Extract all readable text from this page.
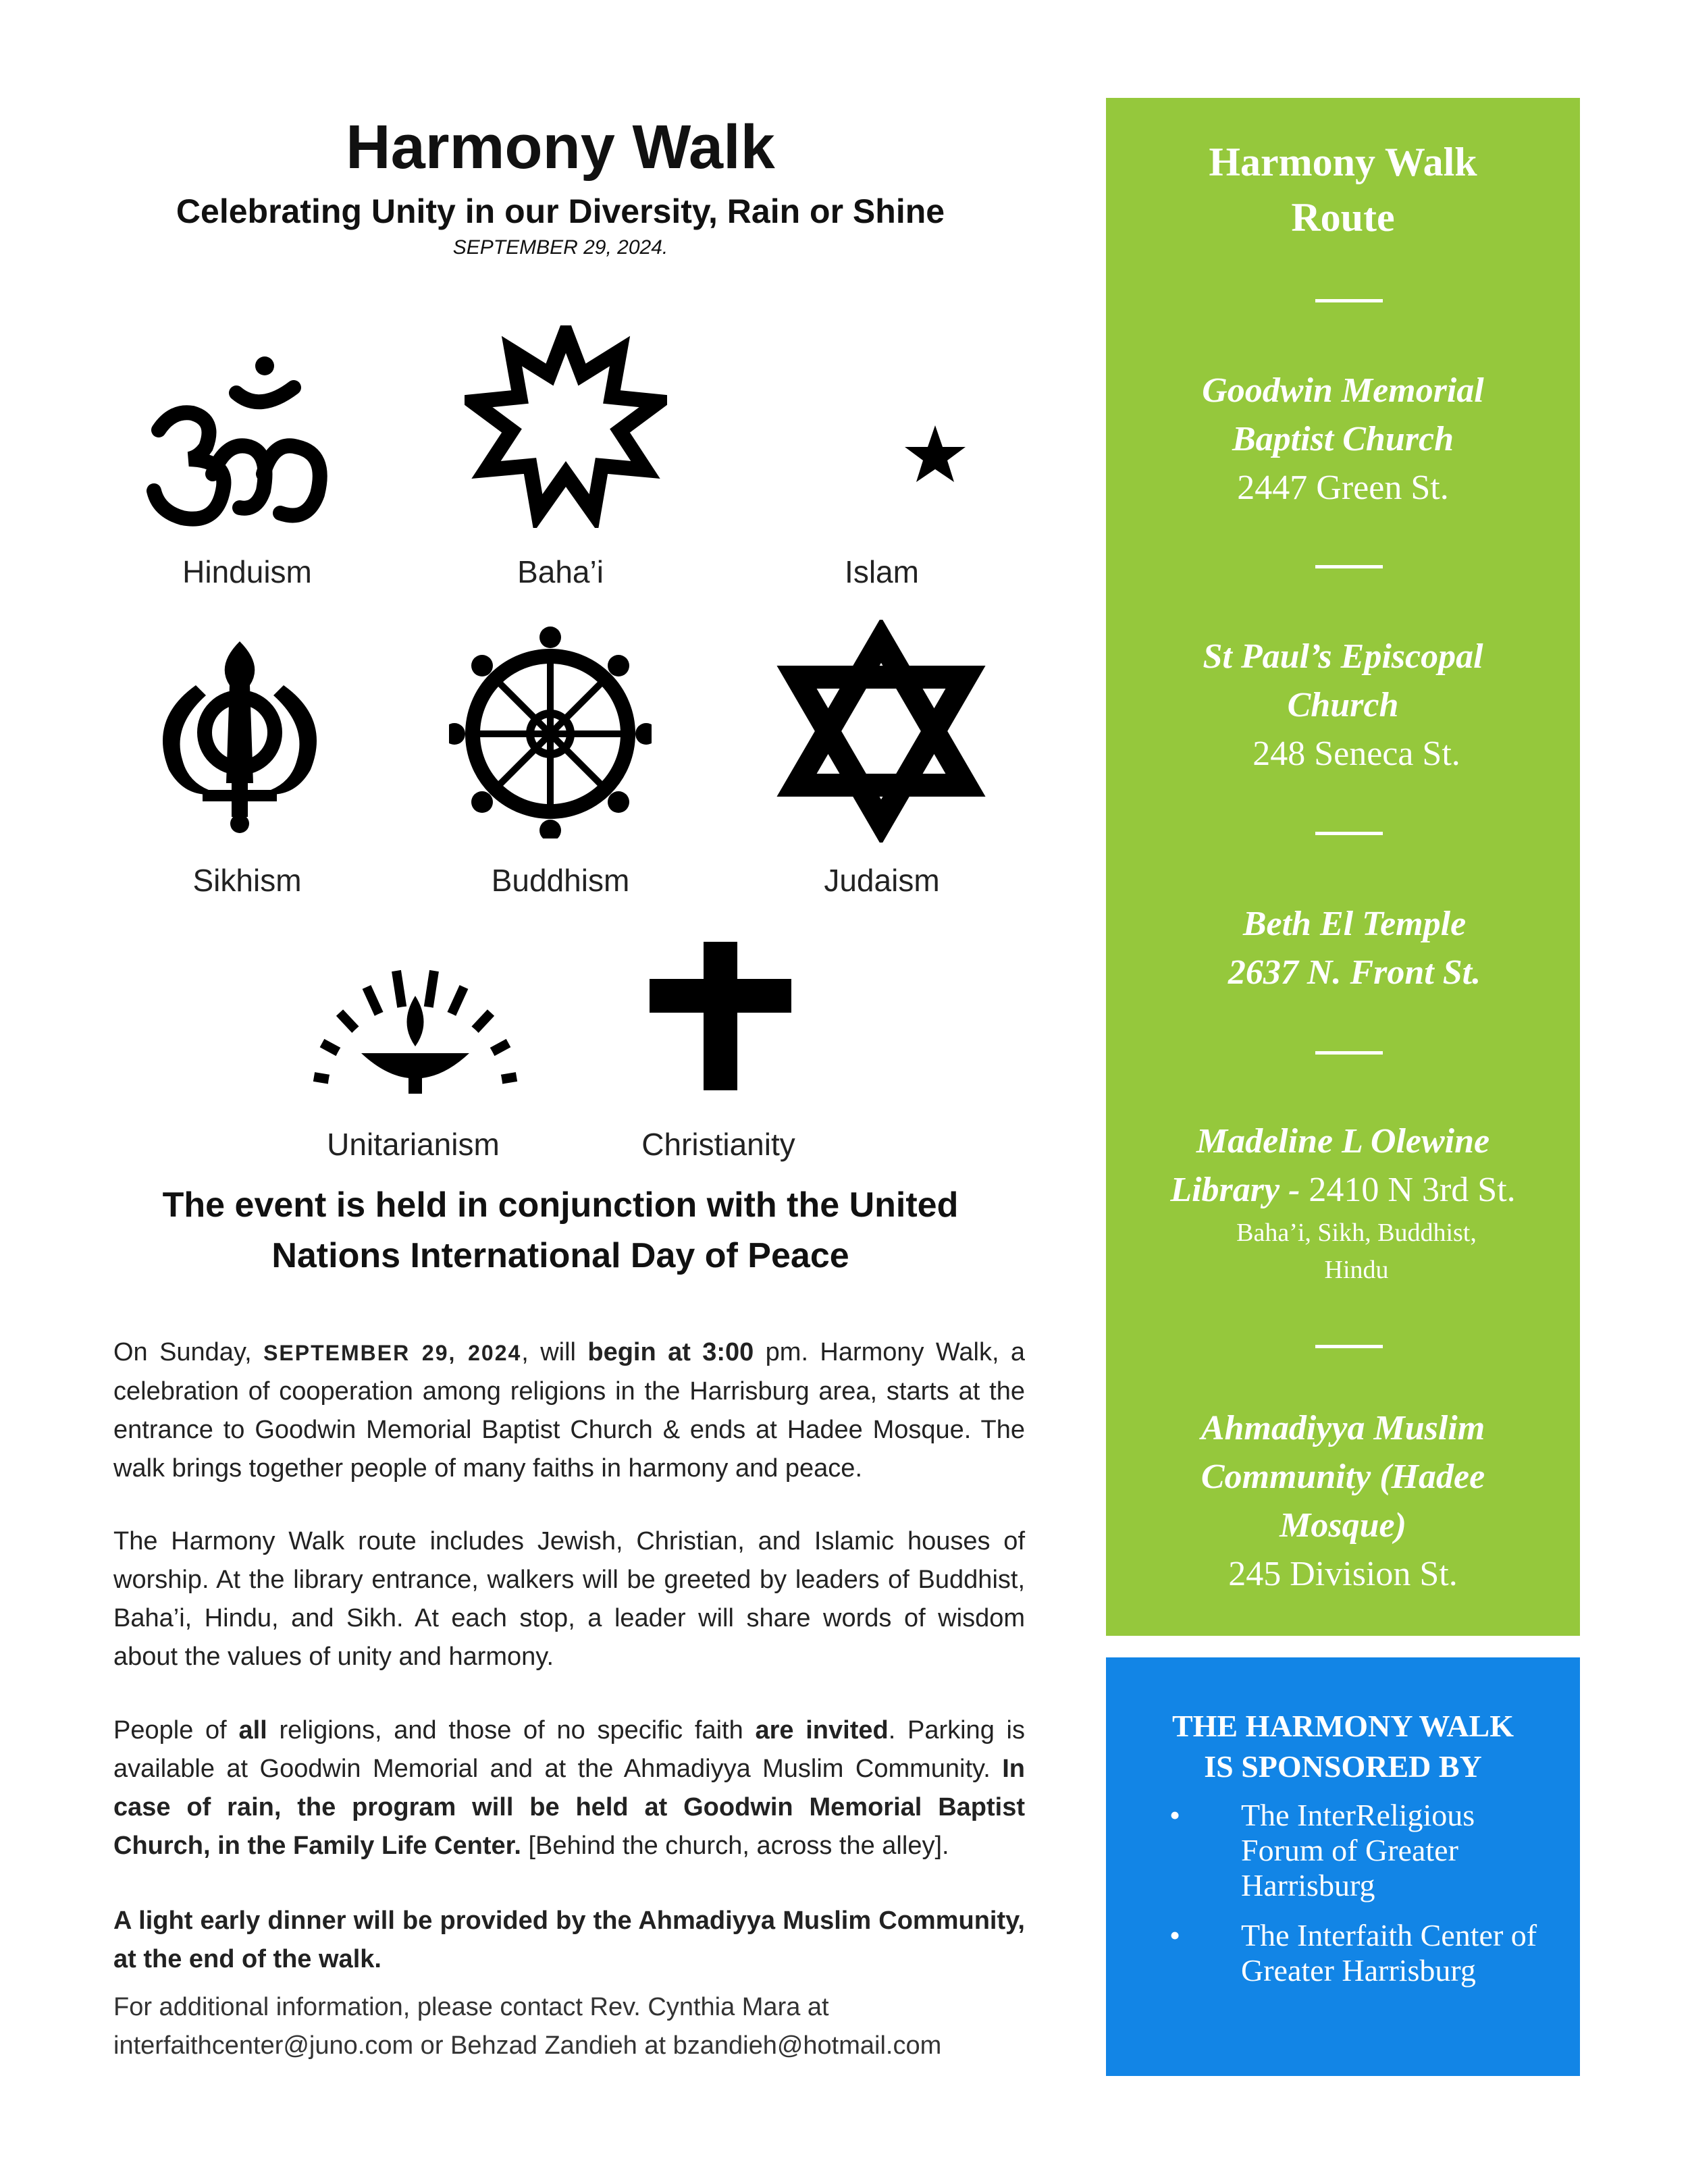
Harmony Walk
Celebrating Unity in our Diversity, Rain or Shine
SEPTEMBER 29, 2024.
Hinduism	Baha’i	Islam
Sikhism	Buddhism	Judaism
Unitarianism	Christianity
The event is held in conjunction with the United Nations International Day of Peace
On Sunday, SEPTEMBER 29, 2024, will begin at 3:00 pm. Harmony Walk, a celebration of cooperation among religions in the Harrisburg area, starts at the entrance to Goodwin Memorial Baptist Church & ends at Hadee Mosque. The walk brings together people of many faiths in harmony and peace.
The Harmony Walk route includes Jewish, Christian, and Islamic houses of worship. At the library entrance, walkers will be greeted by leaders of Buddhist, Baha’i, Hindu, and Sikh. At each stop, a leader will share words of wisdom about the values of unity and harmony.
People of all religions, and those of no specific faith are invited. Parking is available at Goodwin Memorial and at the Ahmadiyya Muslim Community. In case of rain, the program will be held at Goodwin Memorial Baptist Church, in the Family Life Center. [Behind the church, across the alley].
A light early dinner will be provided by the Ahmadiyya Muslim Community, at the end of the walk.
For additional information, please contact Rev. Cynthia Mara at interfaithcenter@juno.com or Behzad Zandieh at bzandieh@hotmail.com
Harmony Walk
Route
Goodwin Memorial
Baptist Church
2447 Green St.
St Paul’s Episcopal
Church
248 Seneca St.
Beth El Temple
2637 N. Front St.
Madeline L Olewine
Library - 2410 N 3rd St.
Baha’i, Sikh, Buddhist,
Hindu
Ahmadiyya Muslim
Community (Hadee
Mosque)
245 Division St.
THE HARMONY WALK
IS SPONSORED BY
• The InterReligious Forum of Greater Harrisburg
• The Interfaith Center of Greater Harrisburg
